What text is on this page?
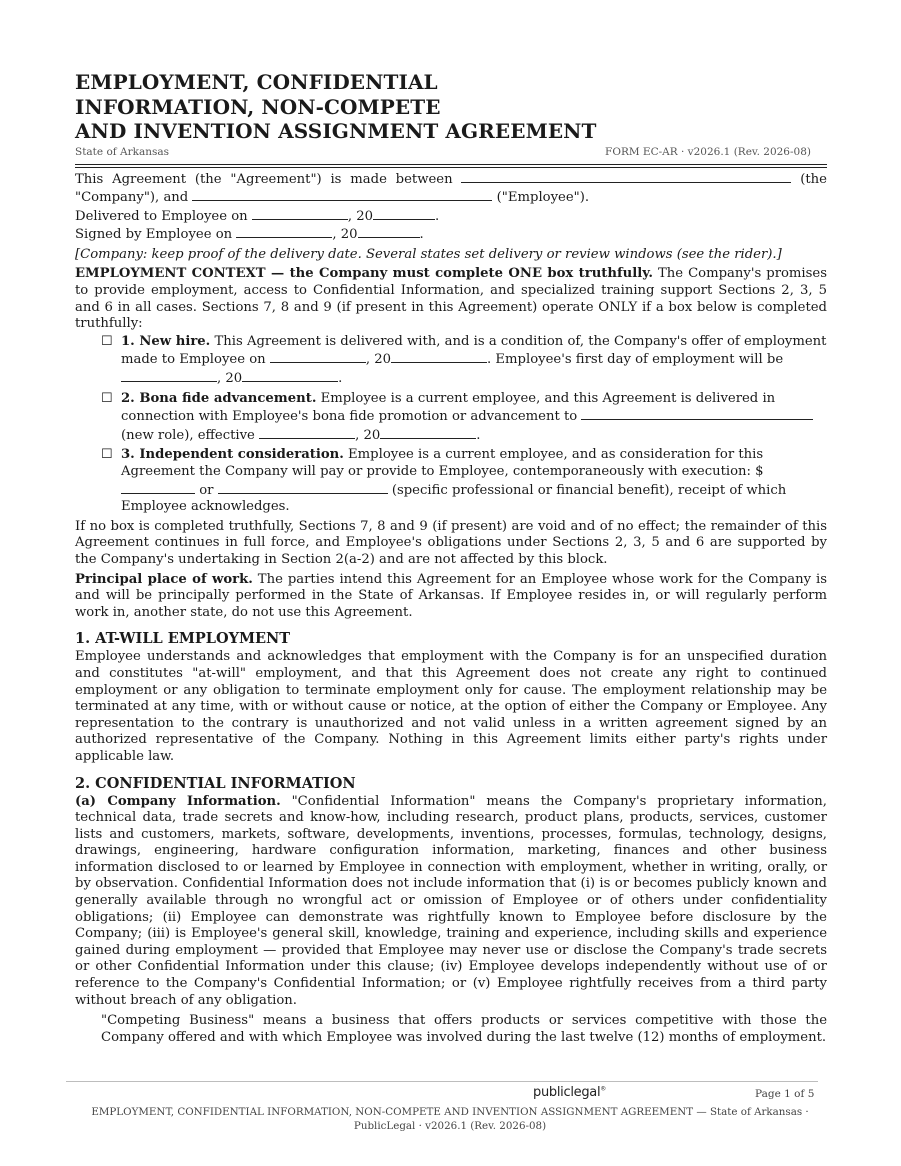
EMPLOYMENT, CONFIDENTIAL
INFORMATION, NON-COMPETE
AND INVENTION ASSIGNMENT AGREEMENT
State of Arkansas	FORM EC-AR · v2026.1 (Rev. 2026-08)

This Agreement (the "Agreement") is made between	(the "Company"), and	("Employee").

Delivered to Employee on	, 20	.

Signed by Employee on	, 20	.

[Company: keep proof of the delivery date. Several states set delivery or review windows (see the rider).]

EMPLOYMENT CONTEXT — the Company must complete ONE box truthfully. The Company's promises to provide employment, access to Confidential Information, and specialized training support Sections 2, 3, 5 and 6 in all cases. Sections 7, 8 and 9 (if present in this Agreement) operate ONLY if a box below is completed truthfully:

☐ 1. New hire. This Agreement is delivered with, and is a condition of, the Company's offer of employment made to Employee on	, 20	. Employee's first day of employment will be , 20	.
☐ 2. Bona fide advancement. Employee is a current employee, and this Agreement is delivered in connection with Employee's bona fide promotion or advancement to  (new role), effective	, 20	.
☐ 3. Independent consideration. Employee is a current employee, and as consideration for this Agreement the Company will pay or provide to Employee, contemporaneously with execution: $ or	(specific professional or financial benefit), receipt of which Employee acknowledges.

If no box is completed truthfully, Sections 7, 8 and 9 (if present) are void and of no effect; the remainder of this Agreement continues in full force, and Employee's obligations under Sections 2, 3, 5 and 6 are supported by the Company's undertaking in Section 2(a-2) and are not affected by this block.

Principal place of work. The parties intend this Agreement for an Employee whose work for the Company is and will be principally performed in the State of Arkansas. If Employee resides in, or will regularly perform work in, another state, do not use this Agreement.

1. AT-WILL EMPLOYMENT

Employee understands and acknowledges that employment with the Company is for an unspecified duration and constitutes "at-will" employment, and that this Agreement does not create any right to continued employment or any obligation to terminate employment only for cause. The employment relationship may be terminated at any time, with or without cause or notice, at the option of either the Company or Employee. Any representation to the contrary is unauthorized and not valid unless in a written agreement signed by an authorized representative of the Company. Nothing in this Agreement limits either party's rights under applicable law.

2. CONFIDENTIAL INFORMATION

(a) Company Information. "Confidential Information" means the Company's proprietary information, technical data, trade secrets and know-how, including research, product plans, products, services, customer lists and customers, markets, software, developments, inventions, processes, formulas, technology, designs, drawings, engineering, hardware configuration information, marketing, finances and other business information disclosed to or learned by Employee in connection with employment, whether in writing, orally, or by observation. Confidential Information does not include information that (i) is or becomes publicly known and generally available through no wrongful act or omission of Employee or of others under confidentiality obligations; (ii) Employee can demonstrate was rightfully known to Employee before disclosure by the Company; (iii) is Employee's general skill, knowledge, training and experience, including skills and experience gained during employment — provided that Employee may never use or disclose the Company's trade secrets or other Confidential Information under this clause; (iv) Employee develops independently without use of or reference to the Company's Confidential Information; or (v) Employee rightfully receives from a third party without breach of any obligation.

"Competing Business" means a business that offers products or services competitive with those the Company offered and with which Employee was involved during the last twelve (12) months of employment.

publiclegal®	Page 1 of 5
EMPLOYMENT, CONFIDENTIAL INFORMATION, NON-COMPETE AND INVENTION ASSIGNMENT AGREEMENT — State of Arkansas ·
PublicLegal · v2026.1 (Rev. 2026-08)
